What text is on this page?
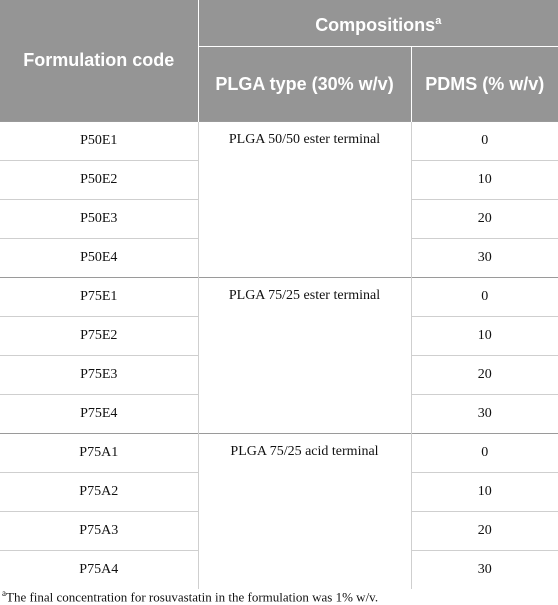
Formulation code	Compositions$^a$
	PLGA type (30% w/v)	PDMS (% w/v)
P50E1	PLGA 50/50 ester terminal	0
P50E2		10
P50E3		20
P50E4		30
P75E1	PLGA 75/25 ester terminal	0
P75E2		10
P75E3		20
P75E4		30
P75A1	PLGA 75/25 acid terminal	0
P75A2		10
P75A3		20
P75A4		30
$^a$The final concentration for rosuvastatin in the formulation was 1% w/v.
